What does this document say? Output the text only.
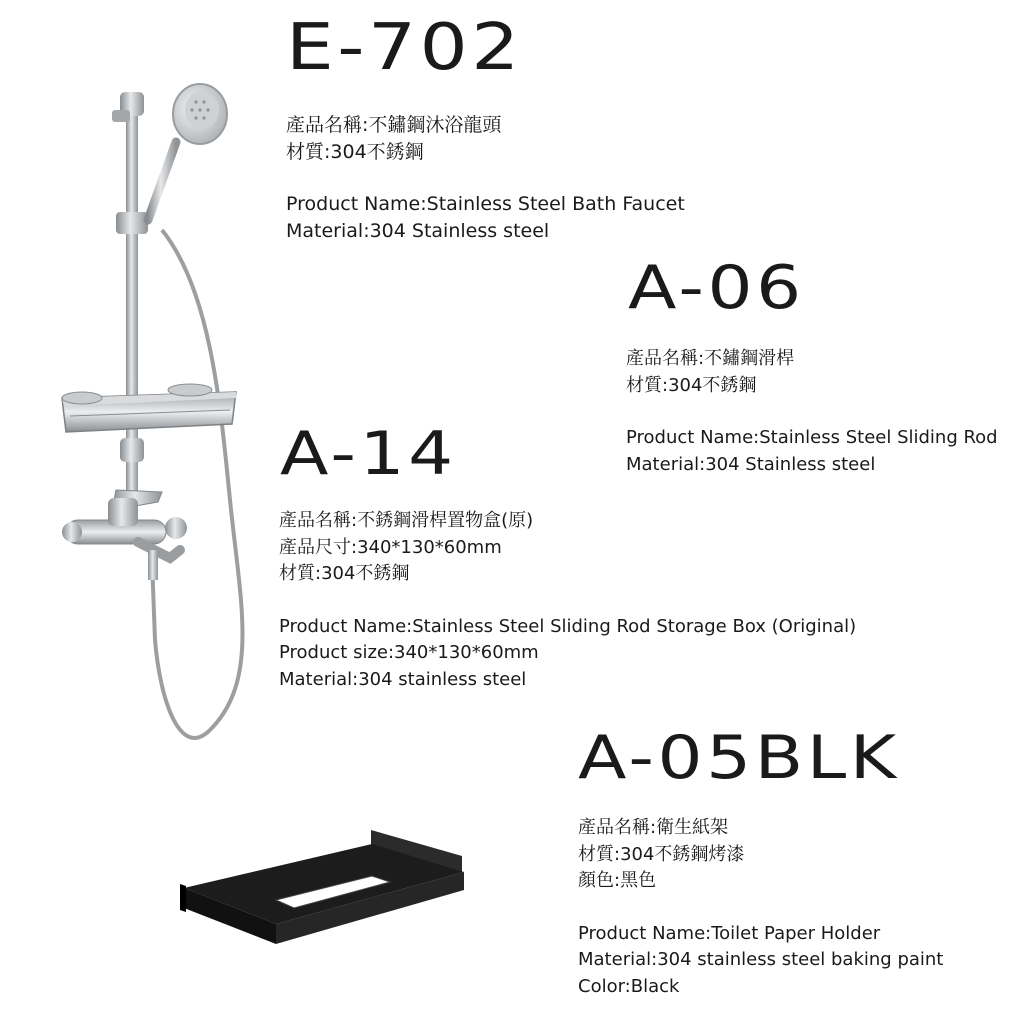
E-702
產品名稱:不鏽鋼沐浴龍頭
材質:304不銹鋼
Product Name:Stainless Steel Bath Faucet
Material:304 Stainless steel
A-06
產品名稱:不鏽鋼滑桿
材質:304不銹鋼
Product Name:Stainless Steel Sliding Rod
Material:304 Stainless steel
A-14
產品名稱:不銹鋼滑桿置物盒(原)
產品尺寸:340*130*60mm
材質:304不銹鋼
Product Name:Stainless Steel Sliding Rod Storage Box (Original)
Product size:340*130*60mm
Material:304 stainless steel
A-05BLK
產品名稱:衛生紙架
材質:304不銹鋼烤漆
顏色:黑色
Product Name:Toilet Paper Holder
Material:304 stainless steel baking paint
Color:Black
